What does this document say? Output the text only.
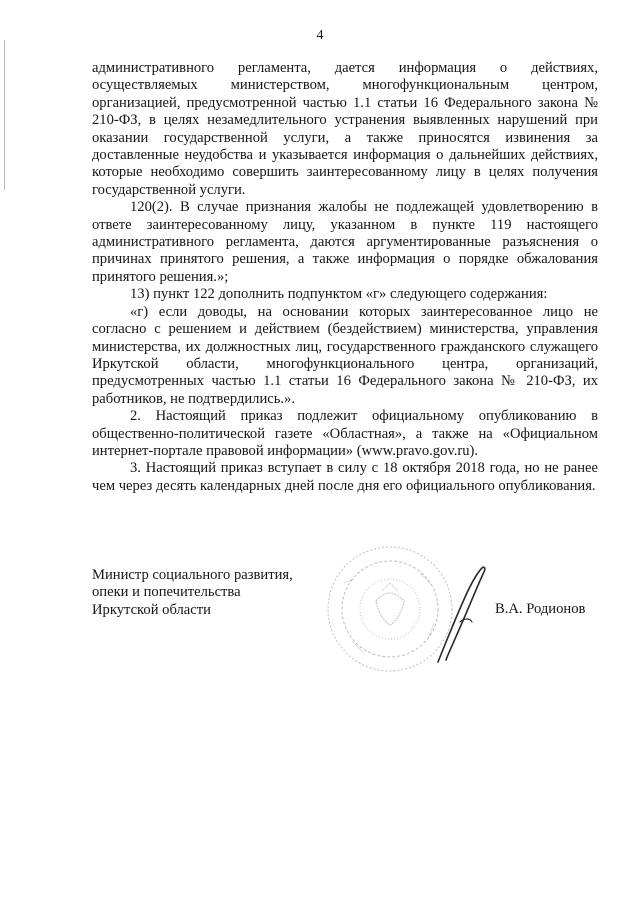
4

административного регламента, дается информация о действиях, осуществляемых министерством, многофункциональным центром, организацией, предусмотренной частью 1.1 статьи 16 Федерального закона № 210-ФЗ, в целях незамедлительного устранения выявленных нарушений при оказании государственной услуги, а также приносятся извинения за доставленные неудобства и указывается информация о дальнейших действиях, которые необходимо совершить заинтересованному лицу в целях получения государственной услуги.

120(2). В случае признания жалобы не подлежащей удовлетворению в ответе заинтересованному лицу, указанном в пункте 119 настоящего административного регламента, даются аргументированные разъяснения о причинах принятого решения, а также информация о порядке обжалования принятого решения.»;

13) пункт 122 дополнить подпунктом «г» следующего содержания:

«г) если доводы, на основании которых заинтересованное лицо не согласно с решением и действием (бездействием) министерства, управления министерства, их должностных лиц, государственного гражданского служащего Иркутской области, многофункционального центра, организаций, предусмотренных частью 1.1 статьи 16 Федерального закона № 210-ФЗ, их работников, не подтвердились.».

2. Настоящий приказ подлежит официальному опубликованию в общественно-политической газете «Областная», а также на «Официальном интернет-портале правовой информации» (www.pravo.gov.ru).

3. Настоящий приказ вступает в силу с 18 октября 2018 года, но не ранее чем через десять календарных дней после дня его официального опубликования.

Министр социального развития,
опеки и попечительства
Иркутской области	В.А. Родионов
